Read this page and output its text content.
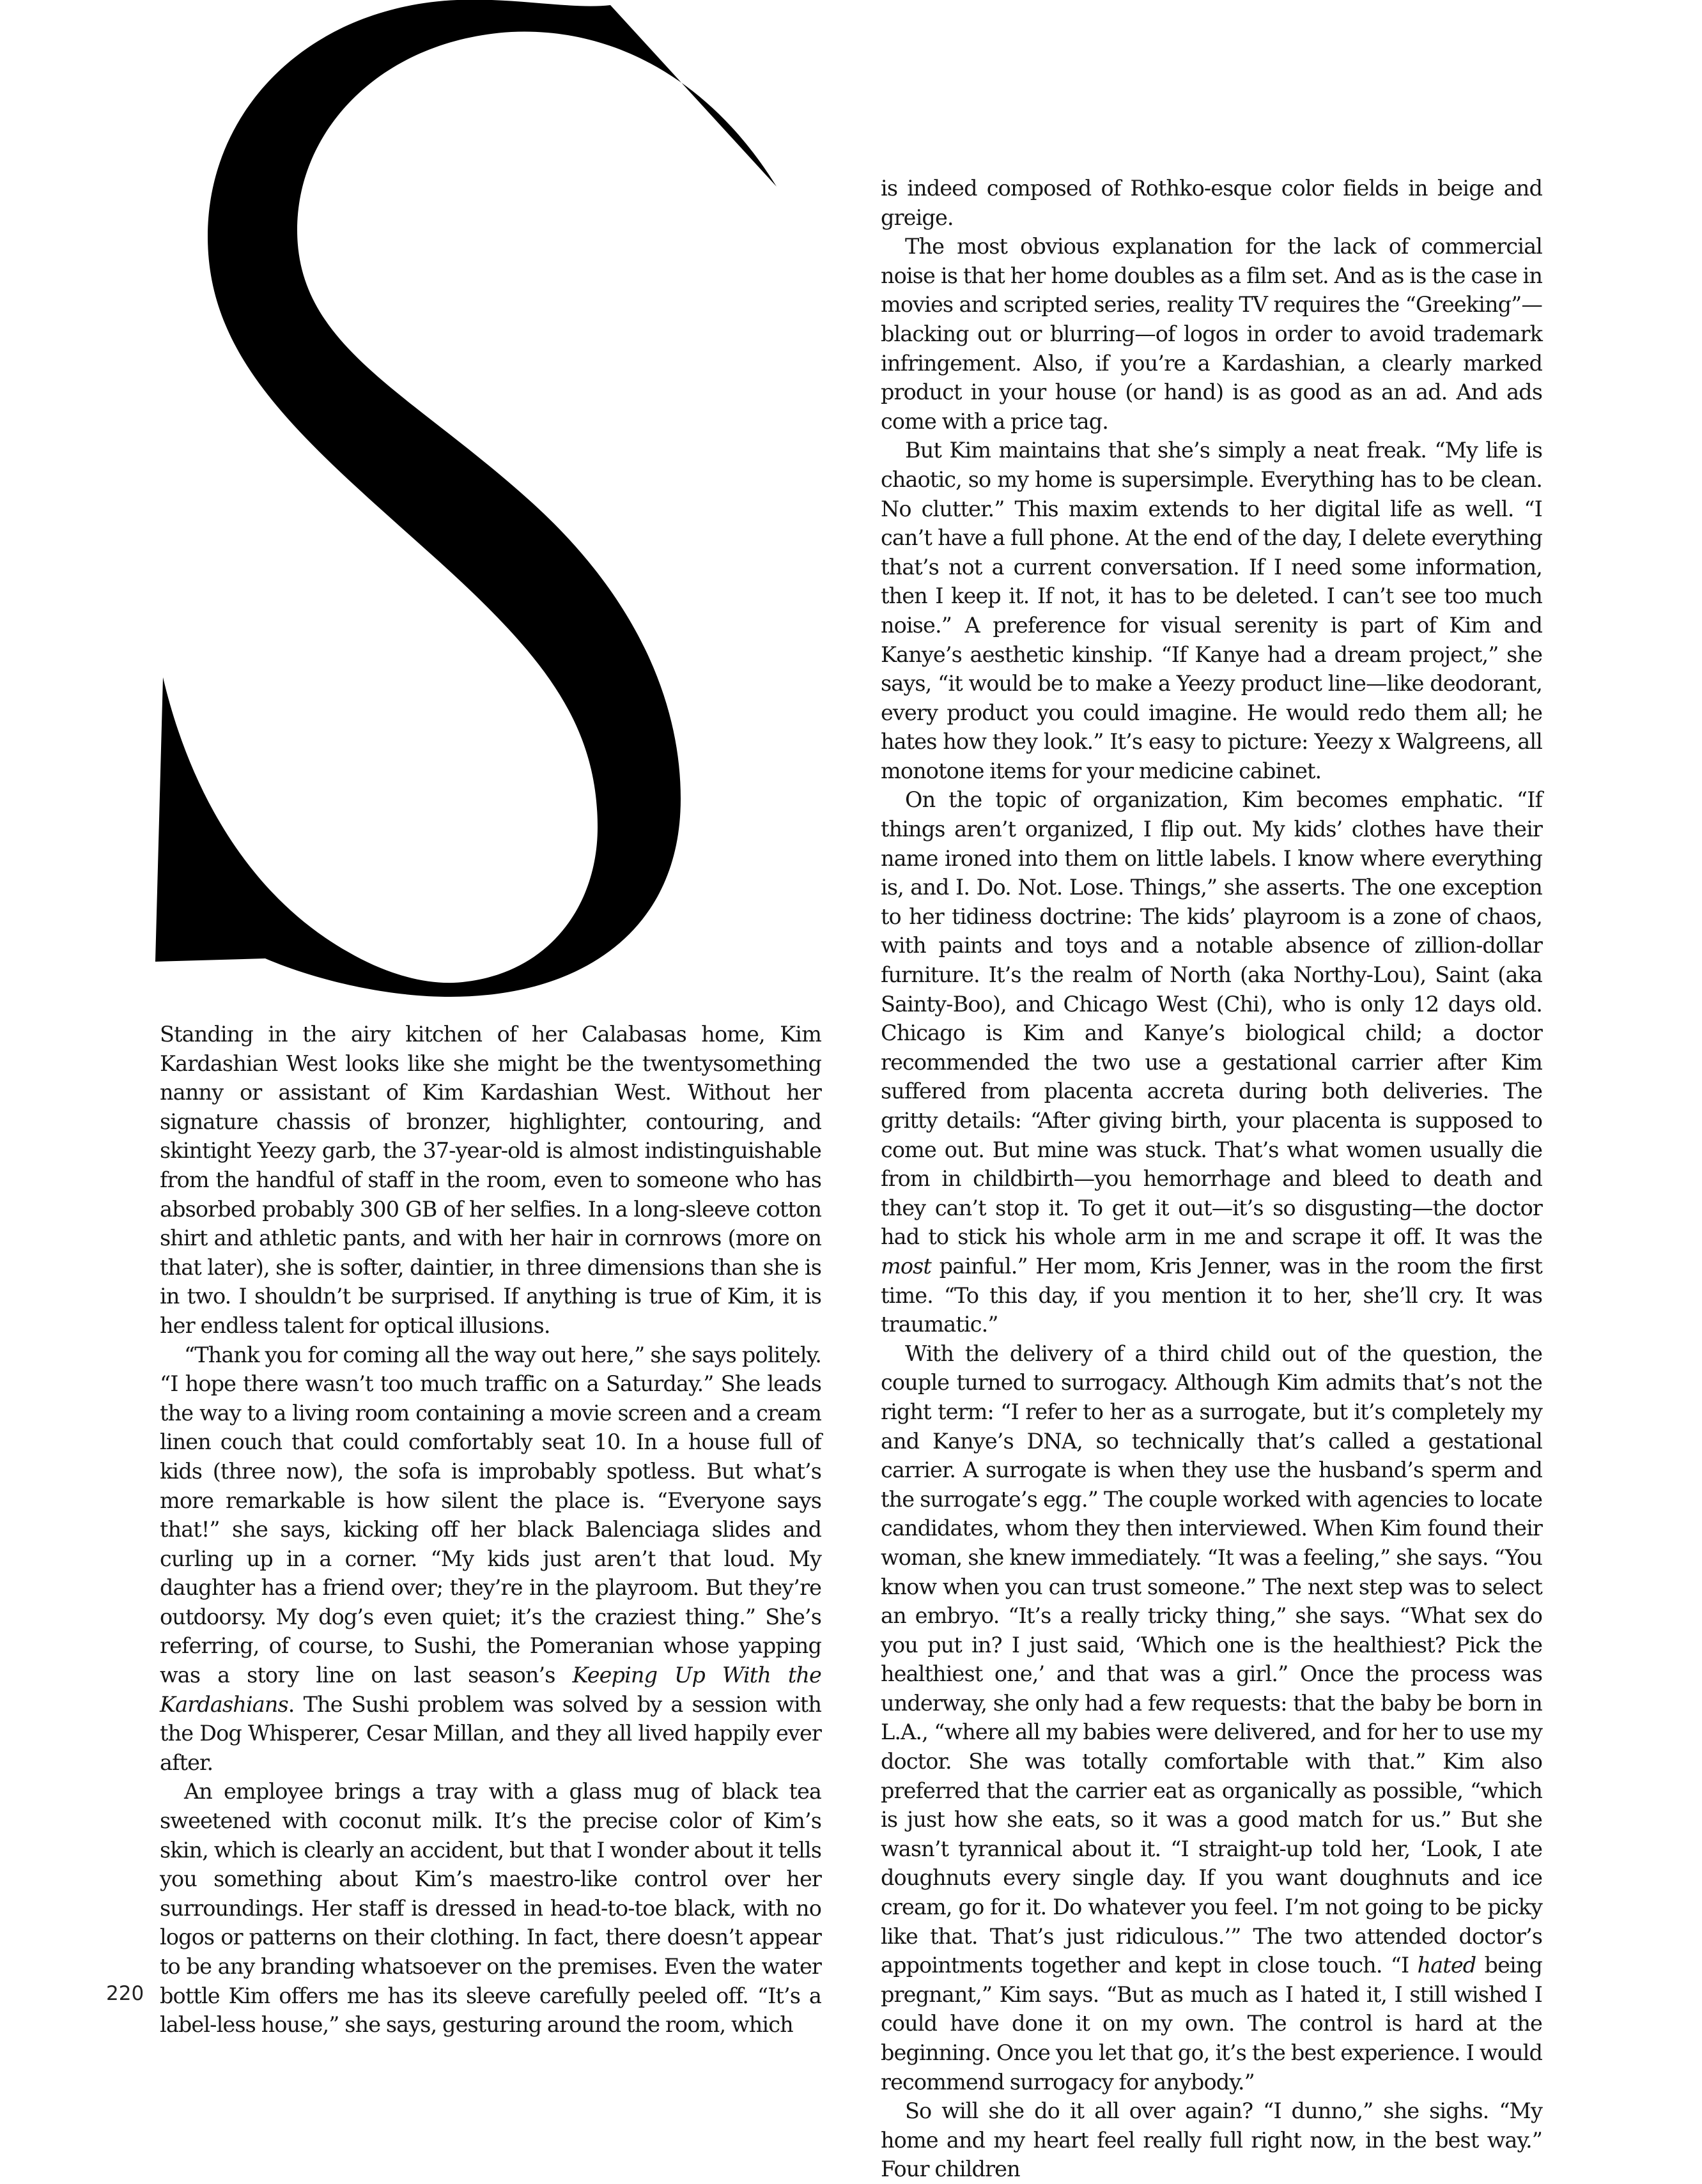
Standing in the airy kitchen of her Calabasas home, Kim Kardashian West looks like she might be the twentysomething nanny or assistant of Kim Kardashian West. Without her signature chassis of bronzer, highlighter, contouring, and skintight Yeezy garb, the 37-year-old is almost indistinguishable from the handful of staff in the room, even to someone who has absorbed probably 300 GB of her selfies. In a long-sleeve cotton shirt and athletic pants, and with her hair in cornrows (more on that later), she is softer, daintier, in three dimensions than she is in two. I shouldn’t be surprised. If anything is true of Kim, it is her endless talent for optical illusions.

“Thank you for coming all the way out here,” she says politely. “I hope there wasn’t too much traffic on a Saturday.” She leads the way to a living room containing a movie screen and a cream linen couch that could comfortably seat 10. In a house full of kids (three now), the sofa is improbably spotless. But what’s more remarkable is how silent the place is. “Everyone says that!” she says, kicking off her black Balenciaga slides and curling up in a corner. “My kids just aren’t that loud. My daughter has a friend over; they’re in the playroom. But they’re outdoorsy. My dog’s even quiet; it’s the craziest thing.” She’s referring, of course, to Sushi, the Pomeranian whose yapping was a story line on last season’s Keeping Up With the Kardashians. The Sushi problem was solved by a session with the Dog Whisperer, Cesar Millan, and they all lived happily ever after.

An employee brings a tray with a glass mug of black tea sweetened with coconut milk. It’s the precise color of Kim’s skin, which is clearly an accident, but that I wonder about it tells you something about Kim’s maestro-like control over her surroundings. Her staff is dressed in head-to-toe black, with no logos or patterns on their clothing. In fact, there doesn’t appear to be any branding whatsoever on the premises. Even the water bottle Kim offers me has its sleeve carefully peeled off. “It’s a label-less house,” she says, gesturing around the room, which

is indeed composed of Rothko-esque color fields in beige and greige.

The most obvious explanation for the lack of commercial noise is that her home doubles as a film set. And as is the case in movies and scripted series, reality TV requires the “Greeking”—blacking out or blurring—of logos in order to avoid trademark infringement. Also, if you’re a Kardashian, a clearly marked product in your house (or hand) is as good as an ad. And ads come with a price tag.

But Kim maintains that she’s simply a neat freak. “My life is chaotic, so my home is supersimple. Everything has to be clean. No clutter.” This maxim extends to her digital life as well. “I can’t have a full phone. At the end of the day, I delete everything that’s not a current conversation. If I need some information, then I keep it. If not, it has to be deleted. I can’t see too much noise.” A preference for visual serenity is part of Kim and Kanye’s aesthetic kinship. “If Kanye had a dream project,” she says, “it would be to make a Yeezy product line—like deodorant, every product you could imagine. He would redo them all; he hates how they look.” It’s easy to picture: Yeezy x Walgreens, all monotone items for your medicine cabinet.

On the topic of organization, Kim becomes emphatic. “If things aren’t organized, I flip out. My kids’ clothes have their name ironed into them on little labels. I know where everything is, and I. Do. Not. Lose. Things,” she asserts. The one exception to her tidiness doctrine: The kids’ playroom is a zone of chaos, with paints and toys and a notable absence of zillion-dollar furniture. It’s the realm of North (aka Northy-Lou), Saint (aka Sainty-Boo), and Chicago West (Chi), who is only 12 days old. Chicago is Kim and Kanye’s biological child; a doctor recommended the two use a gestational carrier after Kim suffered from placenta accreta during both deliveries. The gritty details: “After giving birth, your placenta is supposed to come out. But mine was stuck. That’s what women usually die from in childbirth—you hemorrhage and bleed to death and they can’t stop it. To get it out—it’s so disgusting—the doctor had to stick his whole arm in me and scrape it off. It was the most painful.” Her mom, Kris Jenner, was in the room the first time. “To this day, if you mention it to her, she’ll cry. It was traumatic.”

With the delivery of a third child out of the question, the couple turned to surrogacy. Although Kim admits that’s not the right term: “I refer to her as a surrogate, but it’s completely my and Kanye’s DNA, so technically that’s called a gestational carrier. A surrogate is when they use the husband’s sperm and the surrogate’s egg.” The couple worked with agencies to locate candidates, whom they then interviewed. When Kim found their woman, she knew immediately. “It was a feeling,” she says. “You know when you can trust someone.” The next step was to select an embryo. “It’s a really tricky thing,” she says. “What sex do you put in? I just said, ‘Which one is the healthiest? Pick the healthiest one,’ and that was a girl.” Once the process was underway, she only had a few requests: that the baby be born in L.A., “where all my babies were delivered, and for her to use my doctor. She was totally comfortable with that.” Kim also preferred that the carrier eat as organically as possible, “which is just how she eats, so it was a good match for us.” But she wasn’t tyrannical about it. “I straight-up told her, ‘Look, I ate doughnuts every single day. If you want doughnuts and ice cream, go for it. Do whatever you feel. I’m not going to be picky like that. That’s just ridiculous.’” The two attended doctor’s appointments together and kept in close touch. “I hated being pregnant,” Kim says. “But as much as I hated it, I still wished I could have done it on my own. The control is hard at the beginning. Once you let that go, it’s the best experience. I would recommend surrogacy for anybody.”

So will she do it all over again? “I dunno,” she sighs. “My home and my heart feel really full right now, in the best way.” Four children

220
